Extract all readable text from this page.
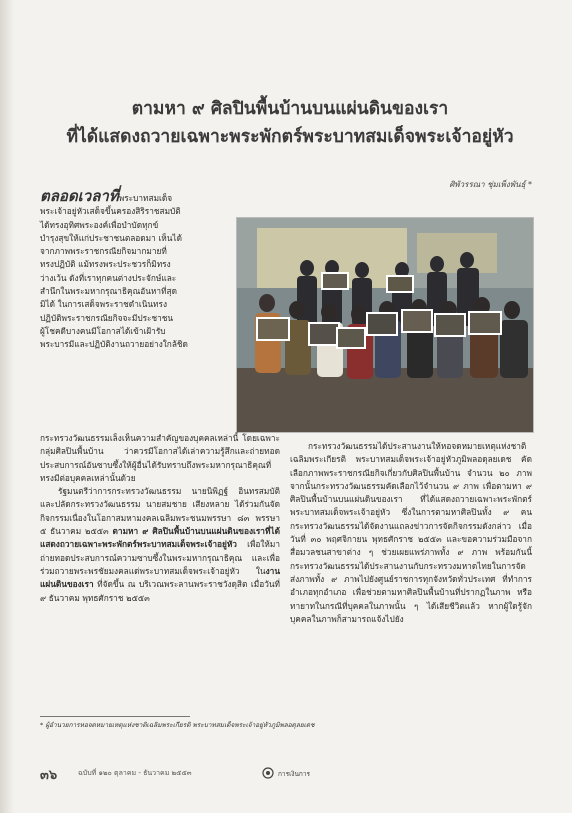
ตามหา ๙ ศิลปินพื้นบ้านบนแผ่นดินของเรา
ที่ได้แสดงถวายเฉพาะพระพักตร์พระบาทสมเด็จพระเจ้าอยู่หัว
ศิพัวรรณา ชุ่มเพ็งพันธุ์ *

ตลอดเวลาที่พระบาทสมเด็จ

พระเจ้าอยู่หัวเสด็จขึ้นครองสิริราชสมบัติ

ได้ทรงอุทิศพระองค์เพื่อบำบัดทุกข์

บำรุงสุขให้แก่ประชาชนตลอดมา เห็นได้

จากภาพพระราชกรณียกิจมากมายที่

ทรงปฏิบัติ แม้ทรงพระประชวรก็มิทรง

ว่างเว้น ดังที่เราทุกคนต่างประจักษ์และ

สำนึกในพระมหากรุณาธิคุณอันหาที่สุด

มิได้ ในการเสด็จพระราชดำเนินทรง

ปฏิบัติพระราชกรณียกิจจะมีประชาชน

ผู้โชคดีบางคนมีโอกาสได้เข้าเฝ้ารับ

พระบารมีและปฏิบัติงานถวายอย่างใกล้ชิด

กระทรวงวัฒนธรรมเล็งเห็นความสำคัญของบุคคลเหล่านี้ โดยเฉพาะกลุ่มศิลปินพื้นบ้าน ว่าควรมีโอกาสได้เล่าความรู้สึกและถ่ายทอดประสบการณ์อันซาบซึ้งให้ผู้อื่นได้รับทราบถึงพระมหากรุณาธิคุณที่ทรงมีต่อบุคคลเหล่านั้นด้วย

รัฐมนตรีว่าการกระทรวงวัฒนธรรม นายนิพิฏฐ์ อินทรสมบัติ และปลัดกระทรวงวัฒนธรรม นายสมชาย เสียงหลาย ได้ร่วมกันจัดกิจกรรมเนื่องในโอกาสมหามงคลเฉลิมพระชนมพรรษา ๘๓ พรรษา ๕ ธันวาคม ๒๕๕๓ ตามหา ๙ ศิลปินพื้นบ้านบนแผ่นดินของเราที่ได้แสดงถวายเฉพาะพระพักตร์พระบาทสมเด็จพระเจ้าอยู่หัว เพื่อให้มาถ่ายทอดประสบการณ์ความซาบซึ้งในพระมหากรุณาธิคุณ และเพื่อร่วมถวายพระพรชัยมงคลแด่พระบาทสมเด็จพระเจ้าอยู่หัว ในงานแผ่นดินของเรา ที่จัดขึ้น ณ บริเวณพระลานพระราชวังดุสิต เมื่อวันที่ ๙ ธันวาคม พุทธศักราช ๒๕๕๓

กระทรวงวัฒนธรรมได้ประสานงานให้หอจดหมายเหตุแห่งชาติเฉลิมพระเกียรติ พระบาทสมเด็จพระเจ้าอยู่หัวภูมิพลอดุลยเดช คัดเลือกภาพพระราชกรณียกิจเกี่ยวกับศิลปินพื้นบ้าน จำนวน ๒๐ ภาพ จากนั้นกระทรวงวัฒนธรรมคัดเลือกไว้จำนวน ๙ ภาพ เพื่อตามหา ๙ ศิลปินพื้นบ้านบนแผ่นดินของเรา ที่ได้แสดงถวายเฉพาะพระพักตร์พระบาทสมเด็จพระเจ้าอยู่หัว ซึ่งในการตามหาศิลปินทั้ง ๙ คน กระทรวงวัฒนธรรมได้จัดงานแถลงข่าวการจัดกิจกรรมดังกล่าว เมื่อวันที่ ๓๐ พฤศจิกายน พุทธศักราช ๒๕๕๓ และขอความร่วมมือจากสื่อมวลชนสาขาต่าง ๆ ช่วยเผยแพร่ภาพทั้ง ๙ ภาพ พร้อมกันนี้ กระทรวงวัฒนธรรมได้ประสานงานกับกระทรวงมหาดไทยในการจัดส่งภาพทั้ง ๙ ภาพไปยังศูนย์ราชการทุกจังหวัดทั่วประเทศ ที่ทำการอำเภอทุกอำเภอ เพื่อช่วยตามหาศิลปินพื้นบ้านที่ปรากฏในภาพ หรือทายาทในกรณีที่บุคคลในภาพนั้น ๆ ได้เสียชีวิตแล้ว หากผู้ใดรู้จักบุคคลในภาพก็สามารถแจ้งไปยัง

* ผู้อำนวยการหอจดหมายเหตุแห่งชาติเฉลิมพระเกียรติ พระบาทสมเด็จพระเจ้าอยู่หัวภูมิพลอดุลยเดช
๓๖	ฉบับที่ ๑๒๐ ตุลาคม - ธันวาคม ๒๕๕๓	การเงินการ
